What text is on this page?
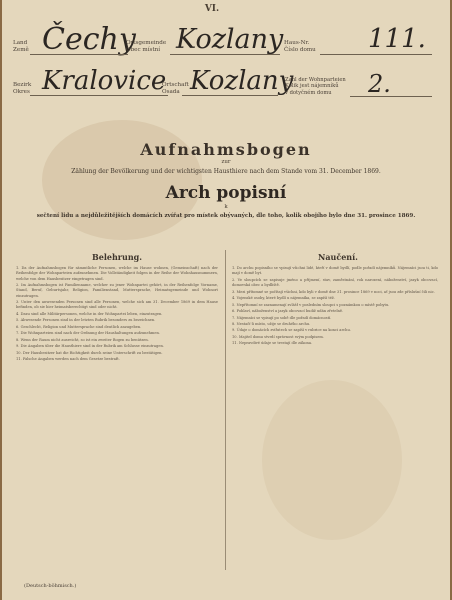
VI.
Land
Země Čechy
Ortsgemeinde
Obec místní Kozlany Haus-Nr.
Číslo domu 111.
Bezirk
Okres Kralovice
Ortschaft
Osada Kozlany
Zahl der Wohnparteien
Kolik jest nájemníků
v dotyčném domu	2.
Aufnahmsbogen
zur
Zählung der Bevölkerung und der wichtigsten Hausthiere nach dem Stande vom 31. December 1869.
Arch popisní
k
sečtení lidu a nejdůležitějších domácích zvířat pro místek obývaných, dle toho, kolik obojího bylo dne 31. prosince 1869.
Belehrung.	Naučení.

1. Da der Aufnahmsbogen für sämmtliche Personen, welche im Hause wohnen, (Gemeinschaft) nach der Reihenfolge der Wohnparteien aufzunehmen. Die Vollständigkeit folgen in der Reihe der Wohnhausnummern, welche von dem Hausbesitzer eingetragen sind.

2. Im Aufnahmsbogen ist Familienname, welcher zu jener Wohnpartei gehört, in der Reihenfolge Vorname, Stand, Beruf, Geburtsjahr, Religion, Familienstand, Muttersprache, Heimatsgemeinde und Wohnort einzutragen.

3. Unter den anwesenden Personen sind alle Personen, welche sich am 31. December 1869 in dem Hause befinden, ob sie hier heimatsberechtigt sind oder nicht.

4. Dazu sind alle Militärpersonen, welche in der Wohnpartei leben, einzutragen.

5. Abwesende Personen sind in der letzten Rubrik besonders zu bezeichnen.

6. Geschlecht, Religion und Muttersprache sind deutlich anzugeben.

7. Die Wohnparteien sind nach der Ordnung der Haushaltungen aufzunehmen.

8. Wenn der Raum nicht ausreicht, so ist ein zweiter Bogen zu benützen.

9. Die Angaben über die Hausthiere sind in der Rubrik am Schlusse einzutragen.

10. Der Hausbesitzer hat die Richtigkeit durch seine Unterschrift zu bestätigen.

11. Falsche Angaben werden nach dem Gesetze bestraft.

1. Do archu popisního se vpisují všichni lidé, kteří v domě bydlí, podle pořadí nájemníků. Nájemníci jsou ti, kdo mají v domě byt.

2. Ve sloupcích se zapisuje jméno a příjmení, stav, zaměstnání, rok narození, náboženství, jazyk obcovací, domovská obec a bydliště.

3. Mezi přítomné se počítají všichni, kdo byli v domě dne 31. prosince 1869 v noci, ať jsou zde příslušní čili nic.

4. Vojenské osoby, které bydlí u nájemníka, se zapíší též.

5. Nepřítomní se zaznamenají zvlášť v posledním sloupci s poznámkou o místě pobytu.

6. Pohlaví, náboženství a jazyk obcovací budiž udán zřetelně.

7. Nájemníci se vpisují po sobě dle pořadí domácností.

8. Nestačí-li místo, užije se druhého archu.

9. Údaje o domácích zvířatech se zapíší v rubrice na konci archu.

10. Majitel domu stvrdí správnost svým podpisem.

11. Nepravdivé údaje se trestají dle zákona.

(Deutsch-böhmisch.)
